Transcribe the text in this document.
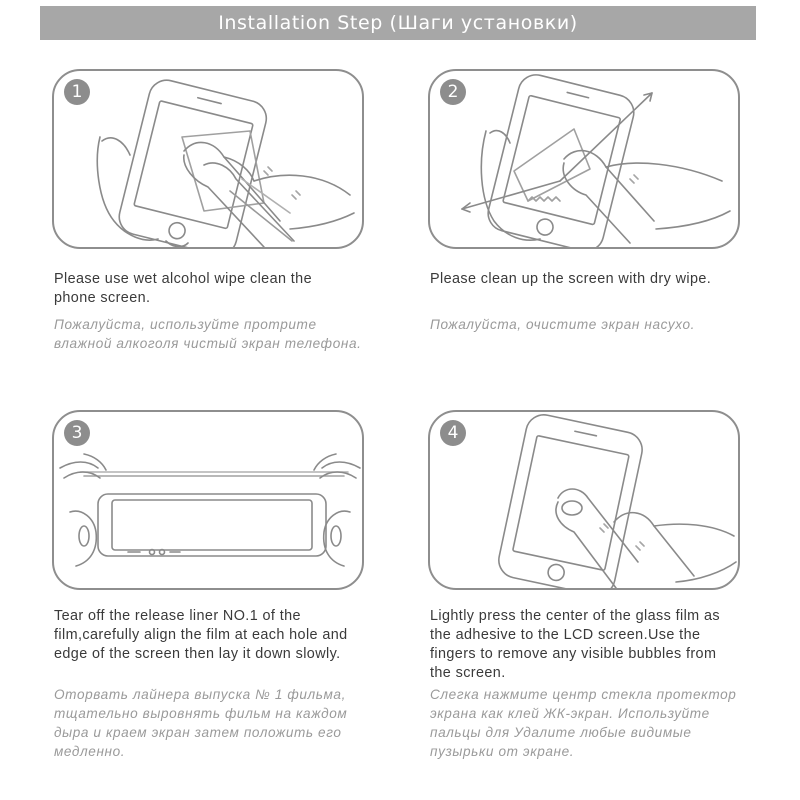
Installation Step (Шаги установки)
1
Please use wet alcohol wipe clean the phone screen.
Пожалуйста, используйте протрите влажной алкоголя чистый экран телефона.
2
Please clean up the screen with dry wipe.
Пожалуйста, очистите экран насухо.
3
Tear off the release liner NO.1 of the film,carefully align the film at each hole and edge of the screen then lay it down slowly.
Оторвать лайнера выпуска № 1 фильма, тщательно выровнять фильм на каждом дыра и краем экран затем положить его медленно.
4
Lightly press the center of the glass film as the adhesive to the LCD screen.Use the fingers to remove any visible bubbles from the screen.
Слегка нажмите центр стекла протектор экрана как клей ЖК-экран. Используйте пальцы для Удалите любые видимые пузырьки от экране.
